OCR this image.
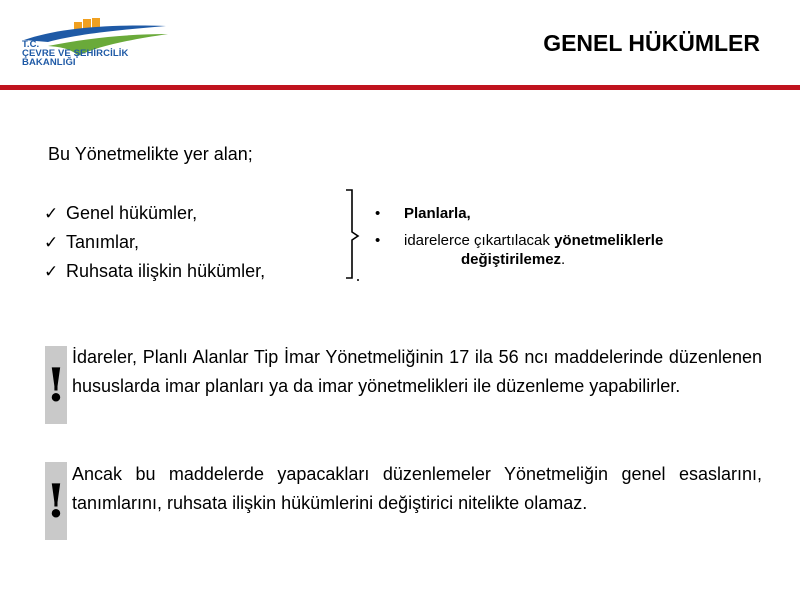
T.C.
ÇEVRE VE ŞEHİRCİLİK
BAKANLIĞI
GENEL HÜKÜMLER
Bu Yönetmelikte yer alan;
✓ Genel hükümler,
✓ Tanımlar,
✓ Ruhsata ilişkin hükümler,
• Planlarla,
• idarelerce çıkartılacak yönetmeliklerle
değiştirilemez.
!
İdareler, Planlı Alanlar Tip İmar Yönetmeliğinin 17 ila 56 ncı maddelerinde düzenlenen hususlarda imar planları ya da imar yönetmelikleri ile düzenleme yapabilirler.
! Ancak bu maddelerde yapacakları düzenlemeler Yönetmeliğin genel esaslarını, tanımlarını, ruhsata ilişkin hükümlerini değiştirici nitelikte olamaz.
